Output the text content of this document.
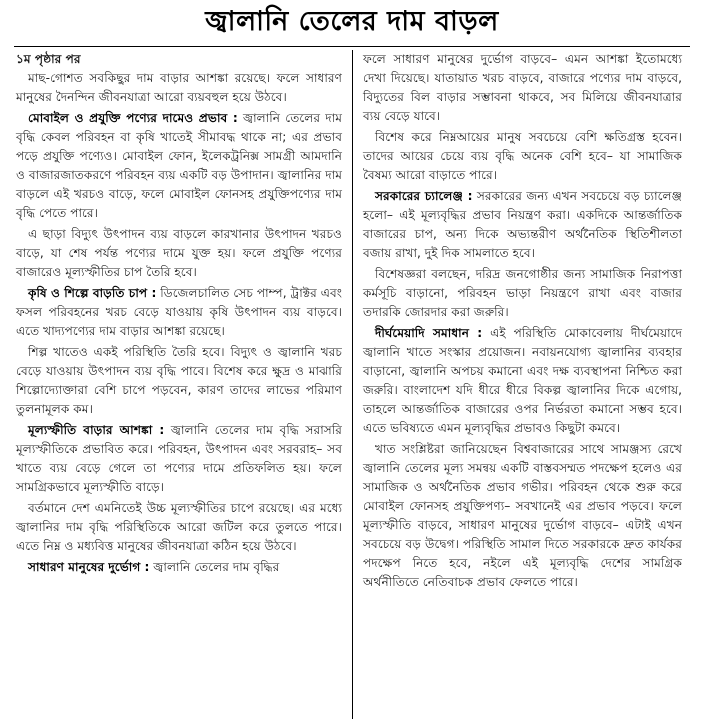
জ্বালানি তেলের দাম বাড়ল
১ম পৃষ্ঠার পর

মাছ-গোশত সবকিছুর দাম বাড়ার আশঙ্কা রয়েছে। ফলে সাধারণ মানুষের দৈনন্দিন জীবনযাত্রা আরো ব্যয়বহুল হয়ে উঠবে।

মোবাইল ও প্রযুক্তি পণ্যের দামেও প্রভাব : জ্বালানি তেলের দাম বৃদ্ধি কেবল পরিবহন বা কৃষি খাতেই সীমাবদ্ধ থাকে না; এর প্রভাব পড়ে প্রযুক্তি পণ্যেও। মোবাইল ফোন, ইলেকট্রনিক্স সামগ্রী আমদানি ও বাজারজাতকরণে পরিবহন ব্যয় একটি বড় উপাদান। জ্বালানির দাম বাড়লে এই খরচও বাড়ে, ফলে মোবাইল ফোনসহ প্রযুক্তিপণ্যের দাম বৃদ্ধি পেতে পারে।

এ ছাড়া বিদ্যুৎ উৎপাদন ব্যয় বাড়লে কারখানার উৎপাদন খরচও বাড়ে, যা শেষ পর্যন্ত পণ্যের দামে যুক্ত হয়। ফলে প্রযুক্তি পণ্যের বাজারেও মূল্যস্ফীতির চাপ তৈরি হবে।

কৃষি ও শিল্পে বাড়তি চাপ : ডিজেলচালিত সেচ পাম্প, ট্রাক্টর এবং ফসল পরিবহনের খরচ বেড়ে যাওয়ায় কৃষি উৎপাদন ব্যয় বাড়বে। এতে খাদ্যপণ্যের দাম বাড়ার আশঙ্কা রয়েছে।

শিল্প খাতেও একই পরিস্থিতি তৈরি হবে। বিদ্যুৎ ও জ্বালানি খরচ বেড়ে যাওয়ায় উৎপাদন ব্যয় বৃদ্ধি পাবে। বিশেষ করে ক্ষুদ্র ও মাঝারি শিল্পোদ্যোক্তারা বেশি চাপে পড়বেন, কারণ তাদের লাভের পরিমাণ তুলনামূলক কম।

মূল্যস্ফীতি বাড়ার আশঙ্কা : জ্বালানি তেলের দাম বৃদ্ধি সরাসরি মূল্যস্ফীতিকে প্রভাবিত করে। পরিবহন, উৎপাদন এবং সরবরাহ– সব খাতে ব্যয় বেড়ে গেলে তা পণ্যের দামে প্রতিফলিত হয়। ফলে সামগ্রিকভাবে মূল্যস্ফীতি বাড়ে।

বর্তমানে দেশ এমনিতেই উচ্চ মূল্যস্ফীতির চাপে রয়েছে। এর মধ্যে জ্বালানির দাম বৃদ্ধি পরিস্থিতিকে আরো জটিল করে তুলতে পারে। এতে নিম্ন ও মধ্যবিত্ত মানুষের জীবনযাত্রা কঠিন হয়ে উঠবে।

সাধারণ মানুষের দুর্ভোগ : জ্বালানি তেলের দাম বৃদ্ধির

ফলে সাধারণ মানুষের দুর্ভোগ বাড়বে– এমন আশঙ্কা ইতোমধ্যে দেখা দিয়েছে। যাতায়াত খরচ বাড়বে, বাজারে পণ্যের দাম বাড়বে, বিদ্যুতের বিল বাড়ার সম্ভাবনা থাকবে, সব মিলিয়ে জীবনযাত্রার ব্যয় বেড়ে যাবে।

বিশেষ করে নিম্নআয়ের মানুষ সবচেয়ে বেশি ক্ষতিগ্রস্ত হবেন। তাদের আয়ের চেয়ে ব্যয় বৃদ্ধি অনেক বেশি হবে– যা সামাজিক বৈষম্য আরো বাড়াতে পারে।

সরকারের চ্যালেঞ্জ : সরকারের জন্য এখন সবচেয়ে বড় চ্যালেঞ্জ হলো– এই মূল্যবৃদ্ধির প্রভাব নিয়ন্ত্রণ করা। একদিকে আন্তর্জাতিক বাজারের চাপ, অন্য দিকে অভ্যন্তরীণ অর্থনৈতিক স্থিতিশীলতা বজায় রাখা, দুই দিক সামলাতে হবে।

বিশেষজ্ঞরা বলছেন, দরিদ্র জনগোষ্ঠীর জন্য সামাজিক নিরাপত্তা কর্মসূচি বাড়ানো, পরিবহন ভাড়া নিয়ন্ত্রণে রাখা এবং বাজার তদারকি জোরদার করা জরুরি।

দীর্ঘমেয়াদি সমাধান : এই পরিস্থিতি মোকাবেলায় দীর্ঘমেয়াদে জ্বালানি খাতে সংস্কার প্রয়োজন। নবায়নযোগ্য জ্বালানির ব্যবহার বাড়ানো, জ্বালানি অপচয় কমানো এবং দক্ষ ব্যবস্থাপনা নিশ্চিত করা জরুরি। বাংলাদেশ যদি ধীরে ধীরে বিকল্প জ্বালানির দিকে এগোয়, তাহলে আন্তর্জাতিক বাজারের ওপর নির্ভরতা কমানো সম্ভব হবে। এতে ভবিষ্যতে এমন মূল্যবৃদ্ধির প্রভাবও কিছুটা কমবে।

খাত সংশ্লিষ্টরা জানিয়েছেন বিশ্ববাজারের সাথে সামঞ্জস্য রেখে জ্বালানি তেলের মূল্য সমন্বয় একটি বাস্তবসম্মত পদক্ষেপ হলেও এর সামাজিক ও অর্থনৈতিক প্রভাব গভীর। পরিবহন থেকে শুরু করে মোবাইল ফোনসহ প্রযুক্তিপণ্য– সবখানেই এর প্রভাব পড়বে। ফলে মূল্যস্ফীতি বাড়বে, সাধারণ মানুষের দুর্ভোগ বাড়বে– এটাই এখন সবচেয়ে বড় উদ্বেগ। পরিস্থিতি সামাল দিতে সরকারকে দ্রুত কার্যকর পদক্ষেপ নিতে হবে, নইলে এই মূল্যবৃদ্ধি দেশের সামগ্রিক অর্থনীতিতে নেতিবাচক প্রভাব ফেলতে পারে।
